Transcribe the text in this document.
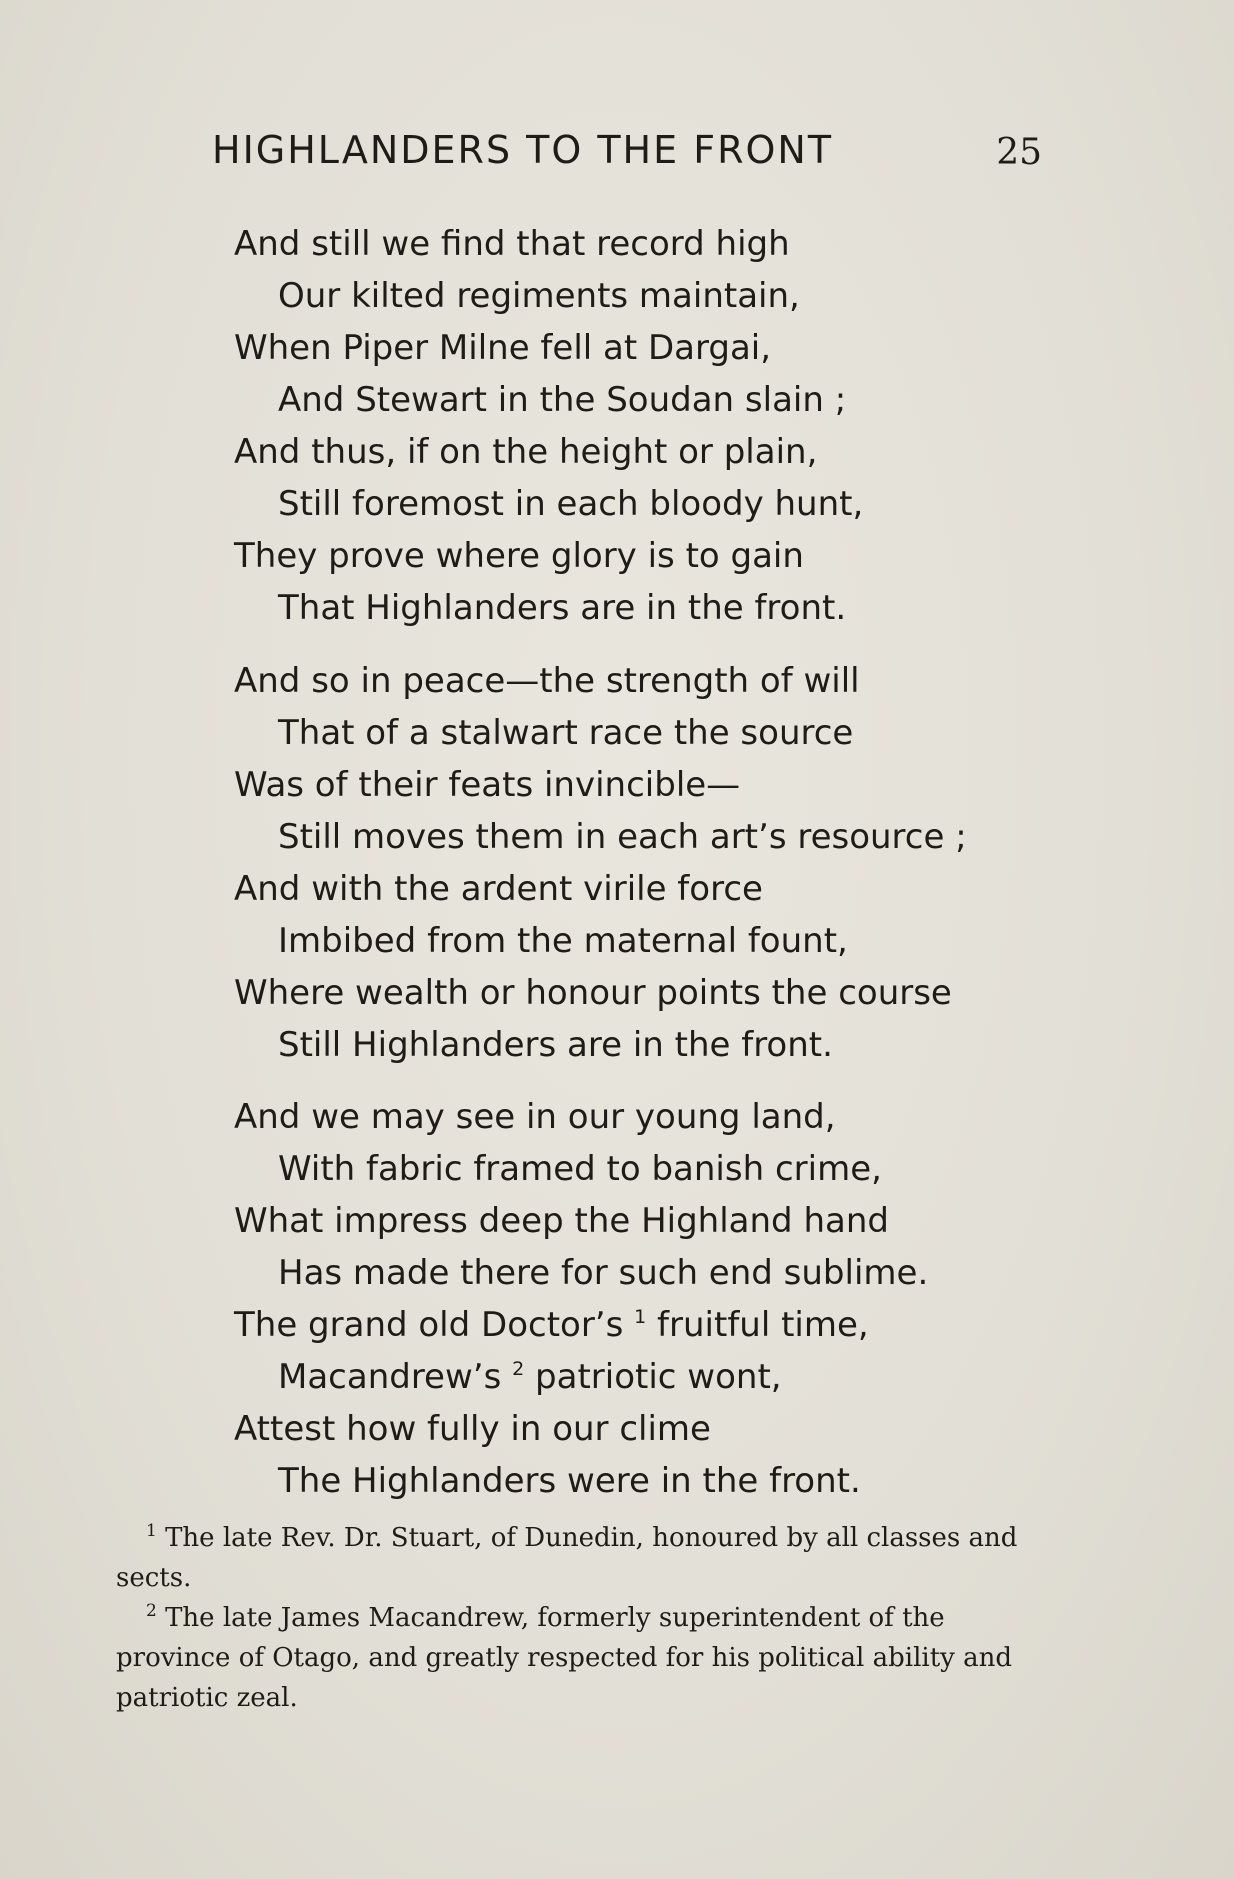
HIGHLANDERS TO THE FRONT	25
And still we find that record high
Our kilted regiments maintain,
When Piper Milne fell at Dargai,
And Stewart in the Soudan slain ;
And thus, if on the height or plain,
Still foremost in each bloody hunt,
They prove where glory is to gain
That Highlanders are in the front.
And so in peace—the strength of will
That of a stalwart race the source
Was of their feats invincible—
Still moves them in each art’s resource ;
And with the ardent virile force
Imbibed from the maternal fount,
Where wealth or honour points the course
Still Highlanders are in the front.
And we may see in our young land,
With fabric framed to banish crime,
What impress deep the Highland hand
Has made there for such end sublime.
The grand old Doctor’s $^1$ fruitful time,
Macandrew’s $^2$ patriotic wont,
Attest how fully in our clime
The Highlanders were in the front.

$^1$ The late Rev. Dr. Stuart, of Dunedin, honoured by all classes and sects.

$^2$ The late James Macandrew, formerly superintendent of the province of Otago, and greatly respected for his political ability and patriotic zeal.
